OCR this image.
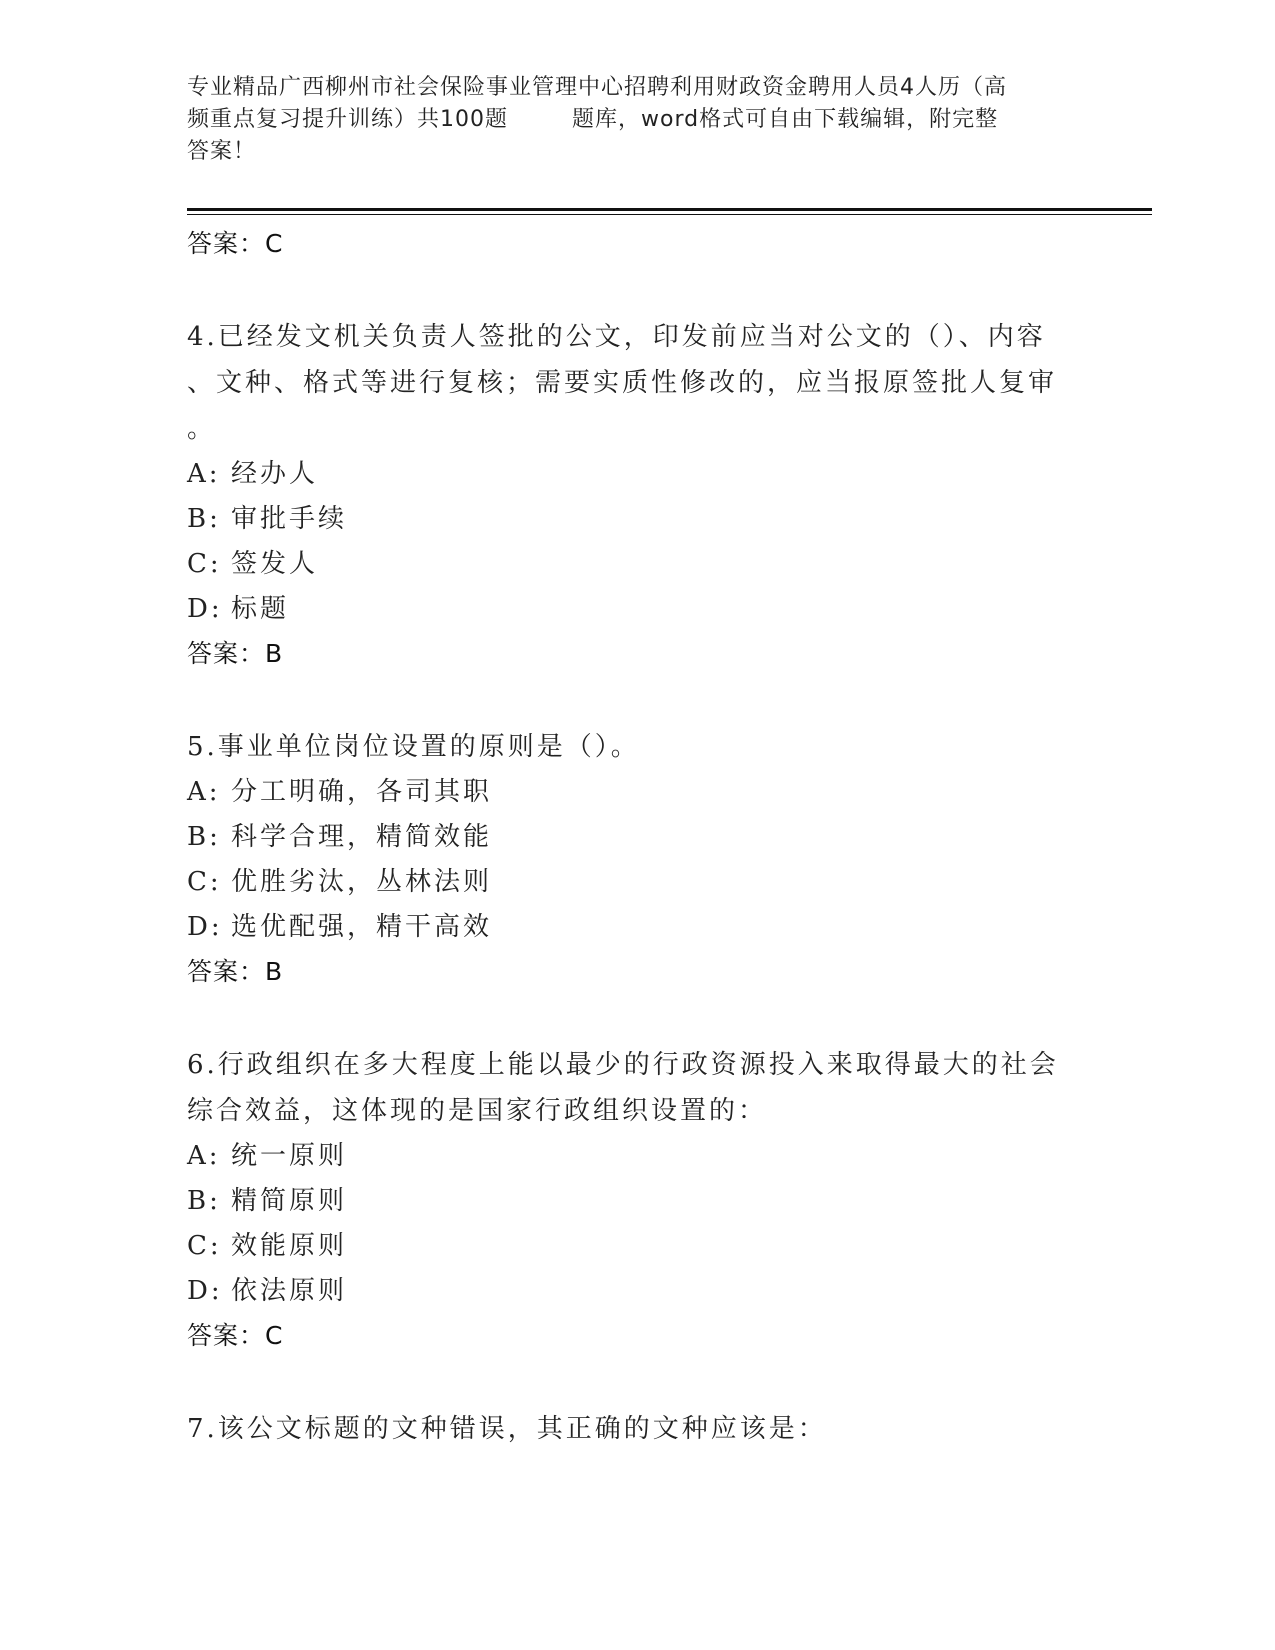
专业精品广西柳州市社会保险事业管理中心招聘利用财政资金聘用人员4人历（高
频重点复习提升训练）共100题	题库，word格式可自由下载编辑，附完整
答案！
答案：C
4.已经发文机关负责人签批的公文，印发前应当对公文的（）、内容
、文种、格式等进行复核；需要实质性修改的，应当报原签批人复审
。
A: 经办人
B: 审批手续
C: 签发人
D: 标题
答案：B
5.事业单位岗位设置的原则是（）。
A: 分工明确，各司其职
B: 科学合理，精简效能
C: 优胜劣汰，丛林法则
D: 选优配强，精干高效
答案：B
6.行政组织在多大程度上能以最少的行政资源投入来取得最大的社会
综合效益，这体现的是国家行政组织设置的：
A: 统一原则
B: 精简原则
C: 效能原则
D: 依法原则
答案：C
7.该公文标题的文种错误，其正确的文种应该是：
